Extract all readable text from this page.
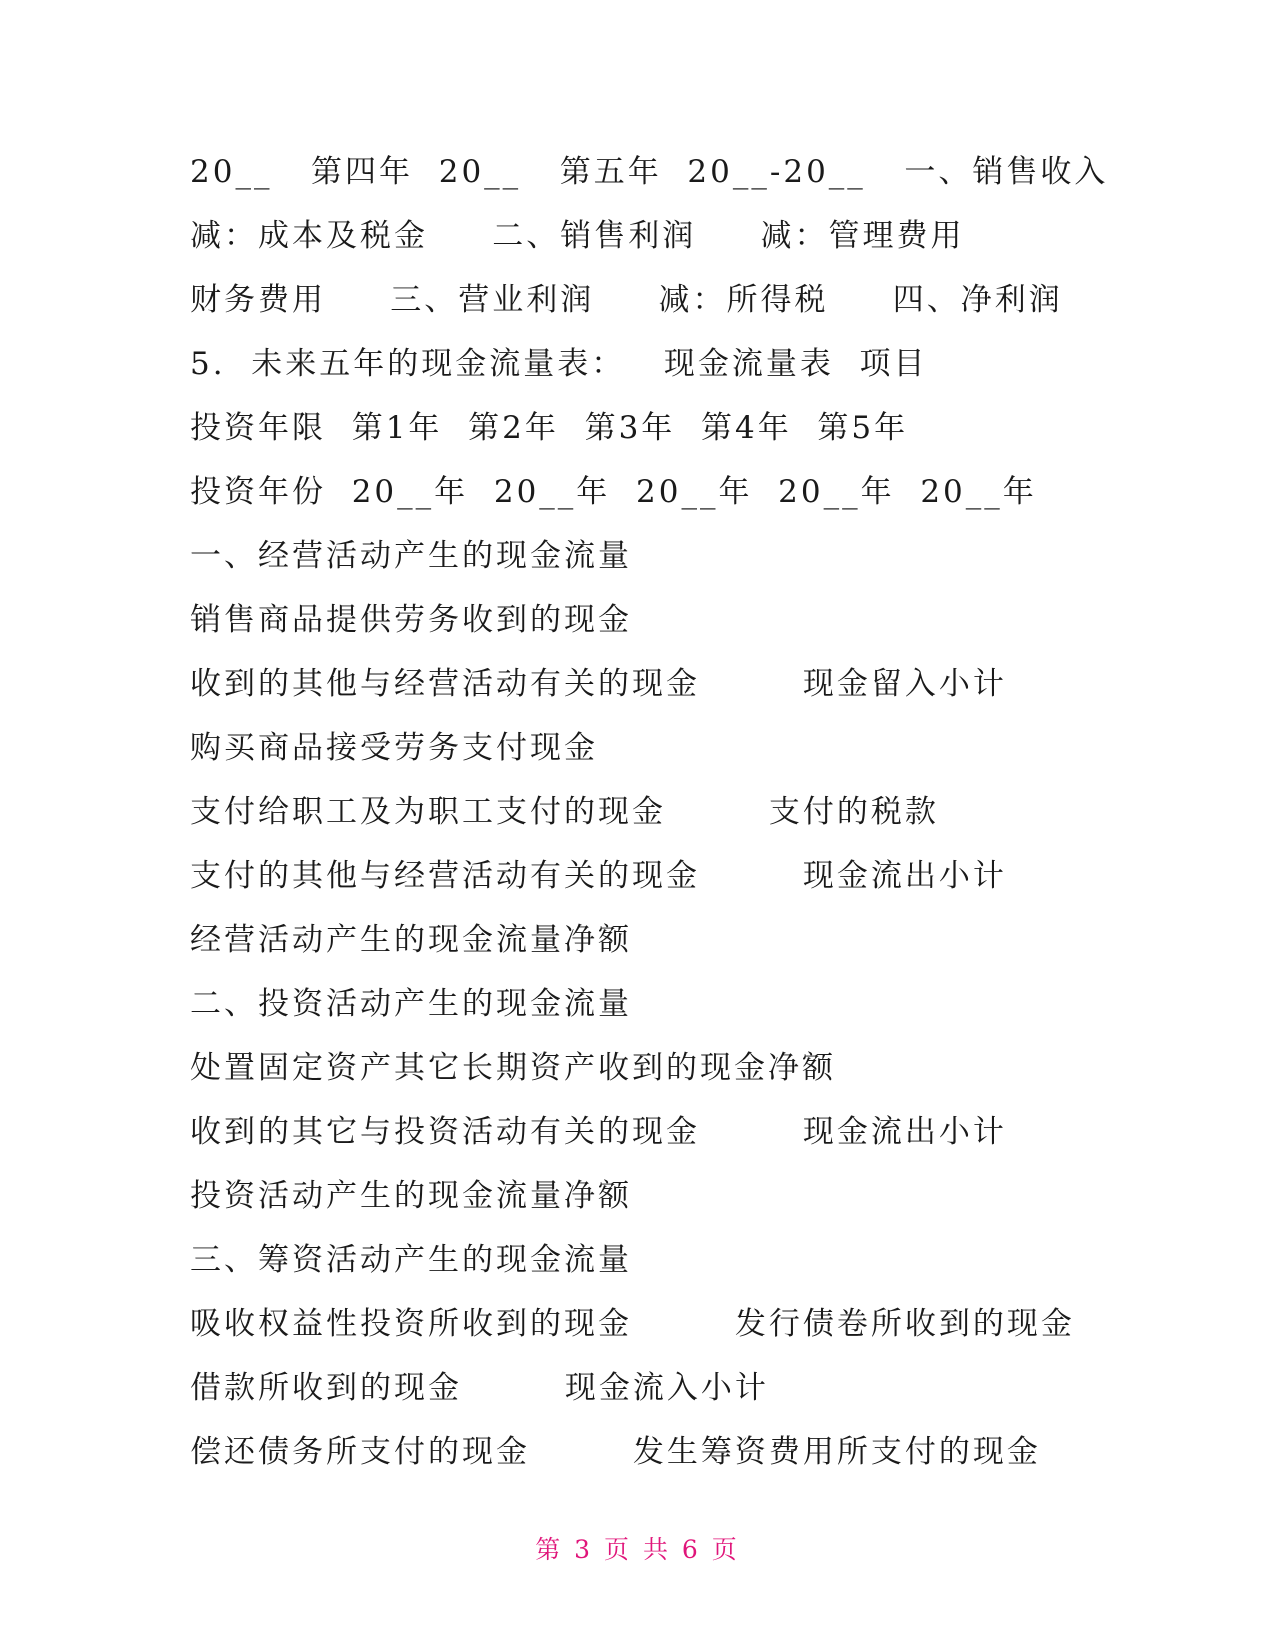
20__   第四年  20__   第五年  20__-20__   一、销售收入
减：成本及税金     二、销售利润     减：管理费用
财务费用     三、营业利润     减：所得税     四、净利润
5.  未来五年的现金流量表：   现金流量表  项目
投资年限  第1年  第2年  第3年  第4年  第5年
投资年份  20__年  20__年  20__年  20__年  20__年
一、经营活动产生的现金流量
销售商品提供劳务收到的现金
收到的其他与经营活动有关的现金        现金留入小计
购买商品接受劳务支付现金
支付给职工及为职工支付的现金        支付的税款
支付的其他与经营活动有关的现金        现金流出小计
经营活动产生的现金流量净额
二、投资活动产生的现金流量
处置固定资产其它长期资产收到的现金净额
收到的其它与投资活动有关的现金        现金流出小计
投资活动产生的现金流量净额
三、筹资活动产生的现金流量
吸收权益性投资所收到的现金        发行债卷所收到的现金
借款所收到的现金        现金流入小计
偿还债务所支付的现金        发生筹资费用所支付的现金
第 3 页 共 6 页
